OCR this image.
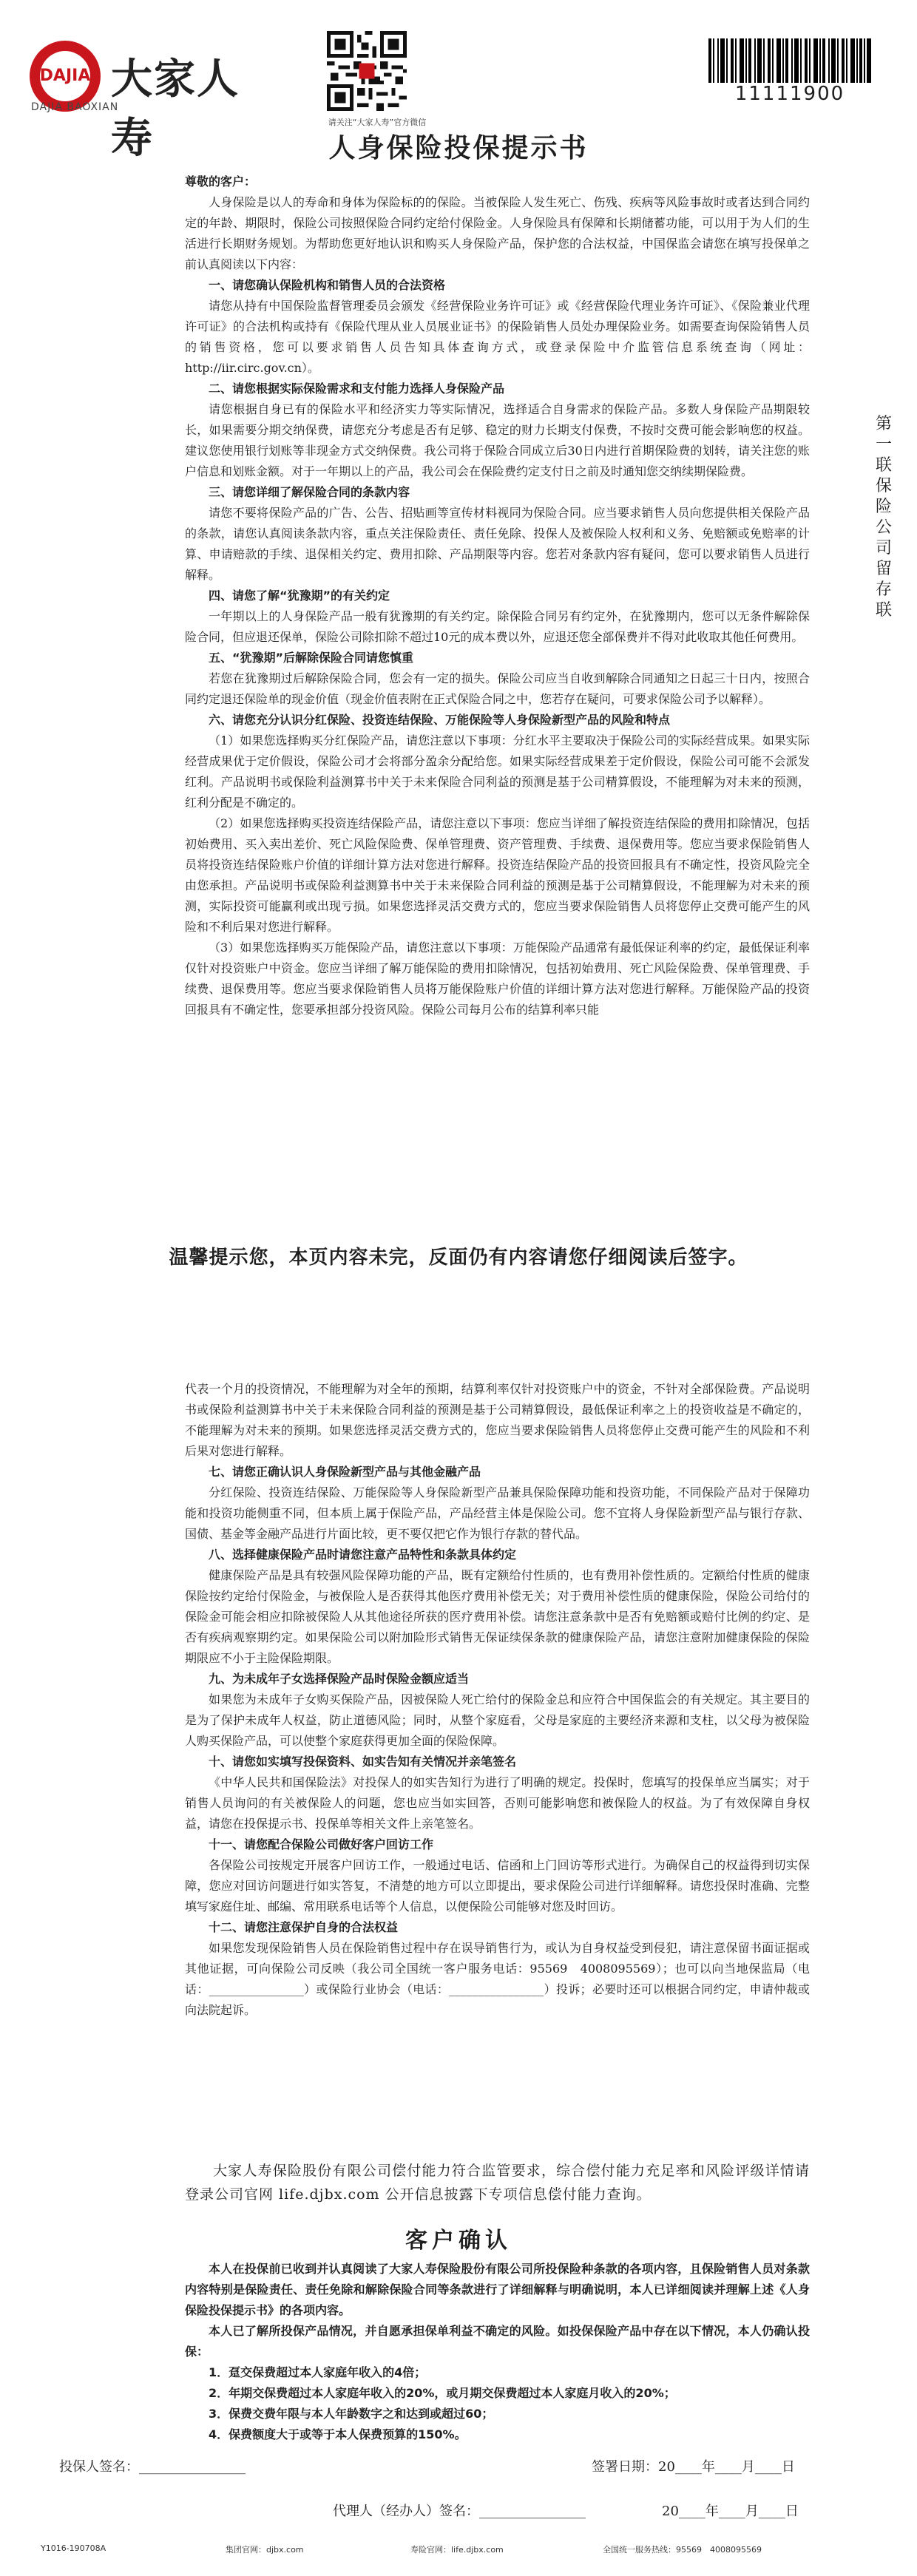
DAJIA 大家人寿
DAJIA BAOXIAN
请关注“大家人寿”官方微信
11111900
人身保险投保提示书

尊敬的客户：

人身保险是以人的寿命和身体为保险标的的保险。当被保险人发生死亡、伤残、疾病等风险事故时或者达到合同约定的年龄、期限时，保险公司按照保险合同约定给付保险金。人身保险具有保障和长期储蓄功能，可以用于为人们的生活进行长期财务规划。为帮助您更好地认识和购买人身保险产品，保护您的合法权益，中国保监会请您在填写投保单之前认真阅读以下内容：

一、请您确认保险机构和销售人员的合法资格

请您从持有中国保险监督管理委员会颁发《经营保险业务许可证》或《经营保险代理业务许可证》、《保险兼业代理许可证》的合法机构或持有《保险代理从业人员展业证书》的保险销售人员处办理保险业务。如需要查询保险销售人员的销售资格，您可以要求销售人员告知具体查询方式，或登录保险中介监管信息系统查询（网址：http://iir.circ.gov.cn）。

二、请您根据实际保险需求和支付能力选择人身保险产品

请您根据自身已有的保险水平和经济实力等实际情况，选择适合自身需求的保险产品。多数人身保险产品期限较长，如果需要分期交纳保费，请您充分考虑是否有足够、稳定的财力长期支付保费，不按时交费可能会影响您的权益。建议您使用银行划账等非现金方式交纳保费。我公司将于保险合同成立后30日内进行首期保险费的划转，请关注您的账户信息和划账金额。对于一年期以上的产品，我公司会在保险费约定支付日之前及时通知您交纳续期保险费。

三、请您详细了解保险合同的条款内容

请您不要将保险产品的广告、公告、招贴画等宣传材料视同为保险合同。应当要求销售人员向您提供相关保险产品的条款，请您认真阅读条款内容，重点关注保险责任、责任免除、投保人及被保险人权利和义务、免赔额或免赔率的计算、申请赔款的手续、退保相关约定、费用扣除、产品期限等内容。您若对条款内容有疑问，您可以要求销售人员进行解释。

四、请您了解“犹豫期”的有关约定

一年期以上的人身保险产品一般有犹豫期的有关约定。除保险合同另有约定外，在犹豫期内，您可以无条件解除保险合同，但应退还保单，保险公司除扣除不超过10元的成本费以外，应退还您全部保费并不得对此收取其他任何费用。

五、“犹豫期”后解除保险合同请您慎重

若您在犹豫期过后解除保险合同，您会有一定的损失。保险公司应当自收到解除合同通知之日起三十日内，按照合同约定退还保险单的现金价值（现金价值表附在正式保险合同之中，您若存在疑问，可要求保险公司予以解释）。

六、请您充分认识分红保险、投资连结保险、万能保险等人身保险新型产品的风险和特点

（1）如果您选择购买分红保险产品，请您注意以下事项：分红水平主要取决于保险公司的实际经营成果。如果实际经营成果优于定价假设，保险公司才会将部分盈余分配给您。如果实际经营成果差于定价假设，保险公司可能不会派发红利。产品说明书或保险利益测算书中关于未来保险合同利益的预测是基于公司精算假设，不能理解为对未来的预测，红利分配是不确定的。

（2）如果您选择购买投资连结保险产品，请您注意以下事项：您应当详细了解投资连结保险的费用扣除情况，包括初始费用、买入卖出差价、死亡风险保险费、保单管理费、资产管理费、手续费、退保费用等。您应当要求保险销售人员将投资连结保险账户价值的详细计算方法对您进行解释。投资连结保险产品的投资回报具有不确定性，投资风险完全由您承担。产品说明书或保险利益测算书中关于未来保险合同利益的预测是基于公司精算假设，不能理解为对未来的预测，实际投资可能赢利或出现亏损。如果您选择灵活交费方式的，您应当要求保险销售人员将您停止交费可能产生的风险和不利后果对您进行解释。

（3）如果您选择购买万能保险产品，请您注意以下事项：万能保险产品通常有最低保证利率的约定，最低保证利率仅针对投资账户中资金。您应当详细了解万能保险的费用扣除情况，包括初始费用、死亡风险保险费、保单管理费、手续费、退保费用等。您应当要求保险销售人员将万能保险账户价值的详细计算方法对您进行解释。万能保险产品的投资回报具有不确定性，您要承担部分投资风险。保险公司每月公布的结算利率只能

第一联　保险公司留存联
温馨提示您，本页内容未完，反面仍有内容请您仔细阅读后签字。

代表一个月的投资情况，不能理解为对全年的预期，结算利率仅针对投资账户中的资金，不针对全部保险费。产品说明书或保险利益测算书中关于未来保险合同利益的预测是基于公司精算假设，最低保证利率之上的投资收益是不确定的，不能理解为对未来的预期。如果您选择灵活交费方式的，您应当要求保险销售人员将您停止交费可能产生的风险和不利后果对您进行解释。

七、请您正确认识人身保险新型产品与其他金融产品

分红保险、投资连结保险、万能保险等人身保险新型产品兼具保险保障功能和投资功能，不同保险产品对于保障功能和投资功能侧重不同，但本质上属于保险产品，产品经营主体是保险公司。您不宜将人身保险新型产品与银行存款、国债、基金等金融产品进行片面比较，更不要仅把它作为银行存款的替代品。

八、选择健康保险产品时请您注意产品特性和条款具体约定

健康保险产品是具有较强风险保障功能的产品，既有定额给付性质的，也有费用补偿性质的。定额给付性质的健康保险按约定给付保险金，与被保险人是否获得其他医疗费用补偿无关；对于费用补偿性质的健康保险，保险公司给付的保险金可能会相应扣除被保险人从其他途径所获的医疗费用补偿。请您注意条款中是否有免赔额或赔付比例的约定、是否有疾病观察期约定。如果保险公司以附加险形式销售无保证续保条款的健康保险产品，请您注意附加健康保险的保险期限应不小于主险保险期限。

九、为未成年子女选择保险产品时保险金额应适当

如果您为未成年子女购买保险产品，因被保险人死亡给付的保险金总和应符合中国保监会的有关规定。其主要目的是为了保护未成年人权益，防止道德风险；同时，从整个家庭看，父母是家庭的主要经济来源和支柱，以父母为被保险人购买保险产品，可以使整个家庭获得更加全面的保险保障。

十、请您如实填写投保资料、如实告知有关情况并亲笔签名

《中华人民共和国保险法》对投保人的如实告知行为进行了明确的规定。投保时，您填写的投保单应当属实；对于销售人员询问的有关被保险人的问题，您也应当如实回答，否则可能影响您和被保险人的权益。为了有效保障自身权益，请您在投保提示书、投保单等相关文件上亲笔签名。

十一、请您配合保险公司做好客户回访工作

各保险公司按规定开展客户回访工作，一般通过电话、信函和上门回访等形式进行。为确保自己的权益得到切实保障，您应对回访问题进行如实答复，不清楚的地方可以立即提出，要求保险公司进行详细解释。请您投保时准确、完整填写家庭住址、邮编、常用联系电话等个人信息，以便保险公司能够对您及时回访。

十二、请您注意保护自身的合法权益

如果您发现保险销售人员在保险销售过程中存在误导销售行为，或认为自身权益受到侵犯，请注意保留书面证据或其他证据，可向保险公司反映（我公司全国统一客户服务电话：95569　4008095569）；也可以向当地保监局（电话：________________）或保险行业协会（电话：________________）投诉；必要时还可以根据合同约定，申请仲裁或向法院起诉。

大家人寿保险股份有限公司偿付能力符合监管要求，综合偿付能力充足率和风险评级详情请登录公司官网 life.djbx.com 公开信息披露下专项信息偿付能力查询。
客户确认

本人在投保前已收到并认真阅读了大家人寿保险股份有限公司所投保险种条款的各项内容，且保险销售人员对条款内容特别是保险责任、责任免除和解除保险合同等条款进行了详细解释与明确说明，本人已详细阅读并理解上述《人身保险投保提示书》的各项内容。

本人已了解所投保产品情况，并自愿承担保单利益不确定的风险。如投保保险产品中存在以下情况，本人仍确认投保：

1．趸交保费超过本人家庭年收入的4倍；
2．年期交保费超过本人家庭年收入的20%，或月期交保费超过本人家庭月收入的20%；
3．保费交费年限与本人年龄数字之和达到或超过60；
4．保费额度大于或等于本人保费预算的150%。
投保人签名：________________	签署日期：20____年____月____日
代理人（经办人）签名：________________	20____年____月____日
Y1016-190708A	集团官网：djbx.com	寿险官网：life.djbx.com	全国统一服务热线：95569　4008095569
